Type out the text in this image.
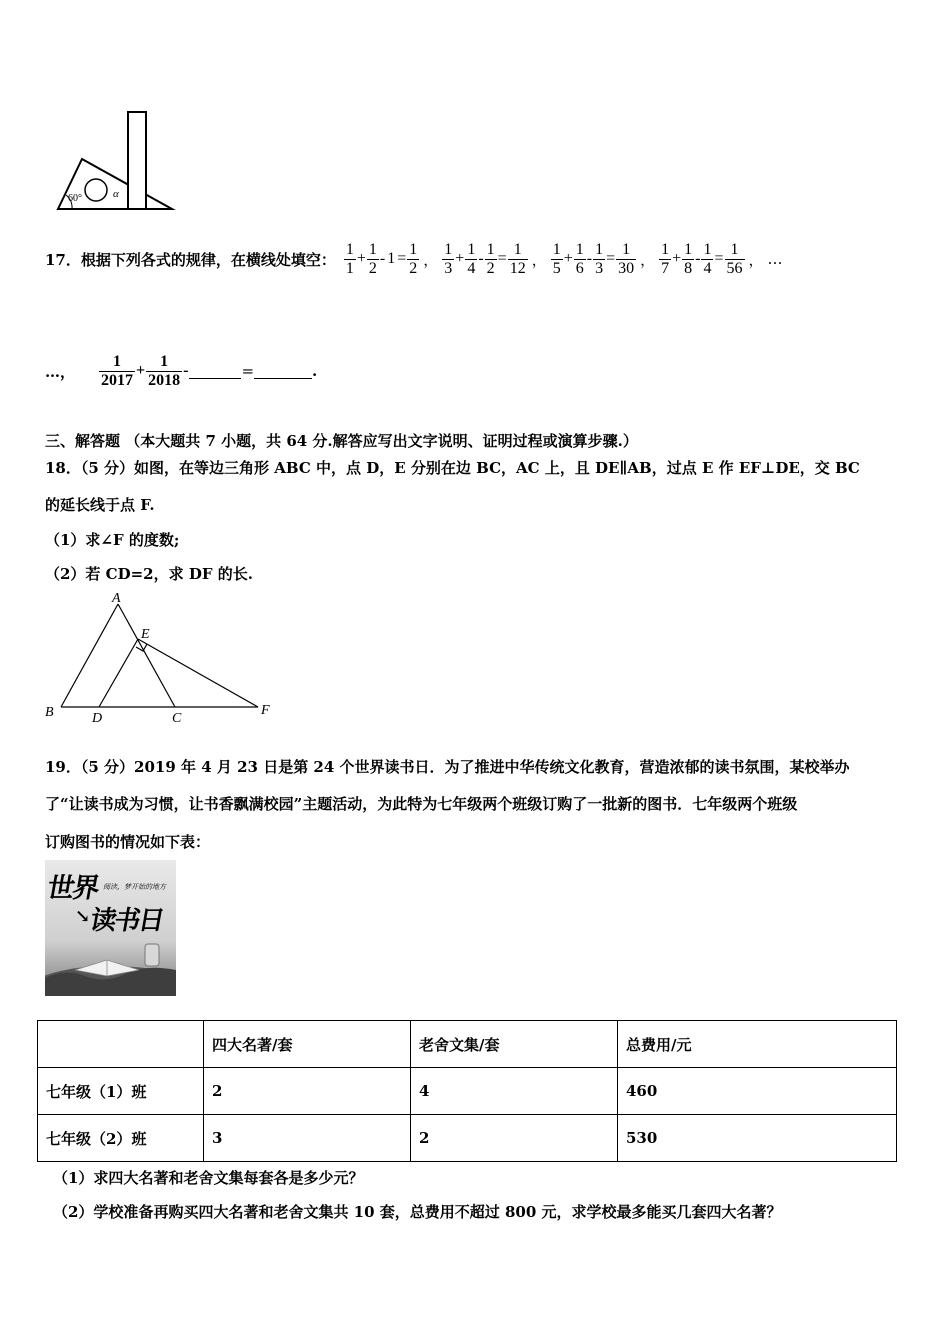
60°	α
17． 根据下列各式的规律，在横线处填空： $\frac{1}{1} + \frac{1}{2} - 1 = \frac{1}{2}$ ， $\frac{1}{3} + \frac{1}{4} - \frac{1}{2} = \frac{1}{12}$ ， $\frac{1}{5} + \frac{1}{6} - \frac{1}{3} = \frac{1}{30}$ ， $\frac{1}{7} + \frac{1}{8} - \frac{1}{4} = \frac{1}{56}$ ， …
…， $\frac{1}{2017} + \frac{1}{2018}$ -	=	.
三、解答题 （本大题共 7 小题，共 64 分.解答应写出文字说明、证明过程或演算步骤.）
18．（5 分）如图，在等边三角形 ABC 中，点 D，E 分别在边 BC，AC 上，且 DE∥AB，过点 E 作 EF⊥DE，交 BC
的延长线于点 F.
（1）求∠F 的度数;
（2）若 CD=2，求 DF 的长.
A
E
B	D	C
F
19．（5 分）2019 年 4 月 23 日是第 24 个世界读书日．为了推进中华传统文化教育，营造浓郁的读书氛围，某校举办
了“让读书成为习惯，让书香飘满校园”主题活动，为此特为七年级两个班级订购了一批新的图书．七年级两个班级
订购图书的情况如下表：
世界 阅读，梦开始的地方
↘
读书日
	四大名著/套	老舍文集/套	总费用/元
七年级（1）班	2	4	460
七年级（2）班	3	2	530
（1）求四大名著和老舍文集每套各是多少元？
（2）学校准备再购买四大名著和老舍文集共 10 套，总费用不超过 800 元，求学校最多能买几套四大名著？
